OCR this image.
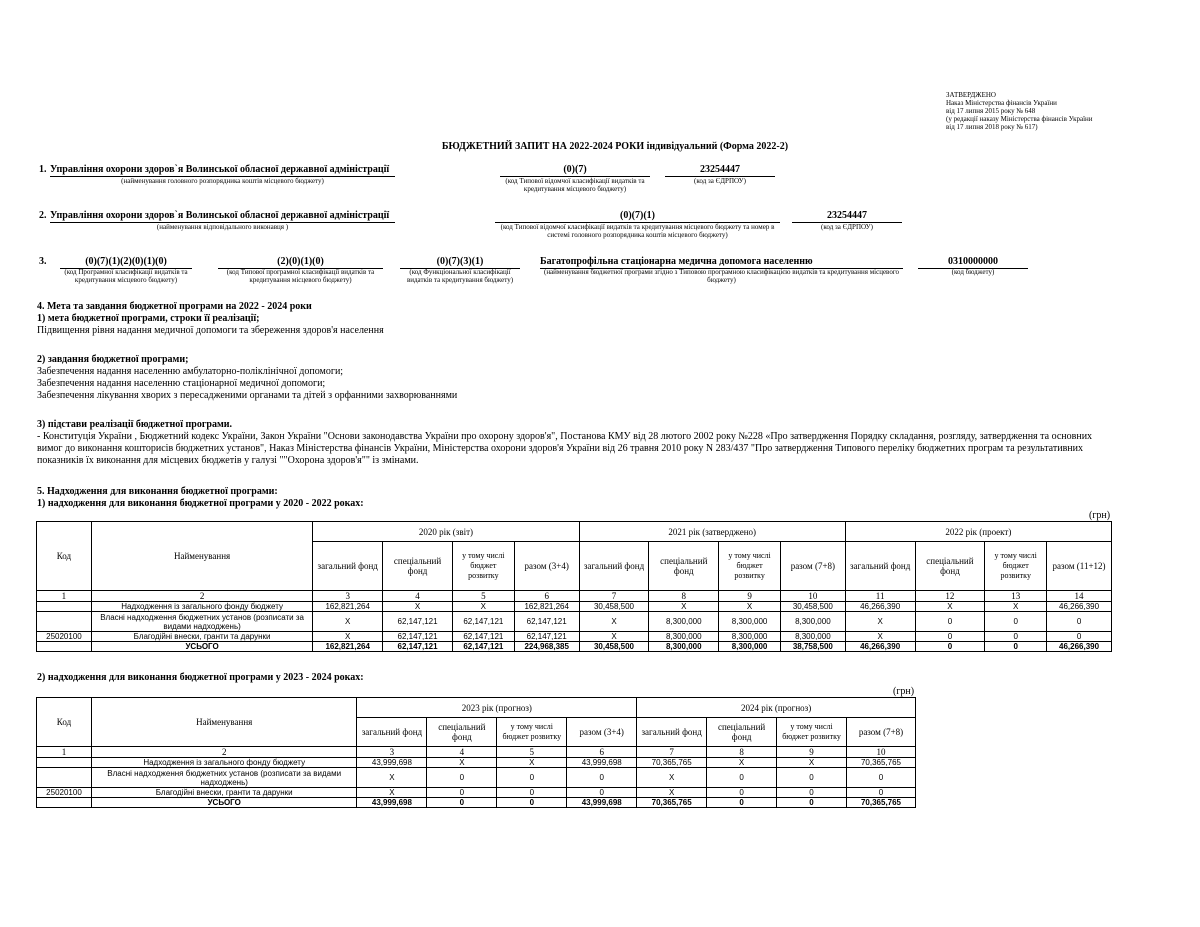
ЗАТВЕРДЖЕНО
Наказ Міністерства фінансів України
від 17 липня 2015 року № 648
(у редакції наказу Міністерства фінансів України
від 17 липня 2018 року № 617)
БЮДЖЕТНИЙ ЗАПИТ НА 2022-2024 РОКИ індивідуальний (Форма 2022-2)
1. Управління охорони здоров`я Волинської обласної державної адміністрації
(найменування головного розпорядника коштів місцевого бюджету)
(0)(7)
(код Типової відомчої класифікації видатків та кредитування місцевого бюджету)
23254447
(код за ЄДРПОУ)
2. Управління охорони здоров`я Волинської обласної державної адміністрації
(найменування відповідального виконавця )
(0)(7)(1)
(код Типової відомчої класифікації видатків та кредитування місцевого бюджету та номер в системі головного розпорядника коштів місцевого бюджету)
23254447
(код за ЄДРПОУ)
3.	(0)(7)(1)(2)(0)(1)(0)
(код Програмної класифікації видатків та кредитування місцевого бюджету)
(2)(0)(1)(0)
(код Типової програмної класифікації видатків та кредитування місцевого бюджету)
(0)(7)(3)(1)
(код Функціональної класифікації видатків та кредитування бюджету)
Багатопрофільна стаціонарна медична допомога населенню
(найменування бюджетної програми згідно з Типовою програмною класифікацією видатків та кредитування місцевого бюджету)
0310000000
(код бюджету)
4. Мета та завдання бюджетної програми на 2022 - 2024 роки
1) мета бюджетної програми, строки її реалізації;
Підвищення рівня надання медичної допомоги та збереження здоров'я населення
2) завдання бюджетної програми;
Забезпечення надання населенню амбулаторно-поліклінічної допомоги;
Забезпечення надання населенню стаціонарної медичної допомоги;
Забезпечення лікування хворих з пересадженими органами та дітей з орфанними захворюваннями
3) підстави реалізації бюджетної програми.
- Конституція України , Бюджетний кодекс України, Закон України "Основи законодавства України про охорону здоров'я", Постанова КМУ від 28 лютого 2002 року №228 «Про затвердження Порядку складання, розгляду, затвердження та основних вимог до виконання кошторисів бюджетних установ", Наказ Міністерства фінансів України, Міністерства охорони здоров'я України від 26 травня 2010 року N 283/437 "Про затвердження Типового переліку бюджетних програм та результативних показників їх виконання для місцевих бюджетів у галузі ""Охорона здоров'я"" із змінами.
5. Надходження для виконання бюджетної програми:
1) надходження для виконання бюджетної програми у 2020 - 2022 роках:
(грн)
Код	Найменування	2020 рік (звіт)				2021 рік (затверджено)				2022 рік (проект)			
		загальний фонд	спеціальний фонд	у тому числі бюджет розвитку	разом (3+4)	загальний фонд	спеціальний фонд	у тому числі бюджет розвитку	разом (7+8)	загальний фонд	спеціальний фонд	у тому числі бюджет розвитку	разом (11+12)
1	2	3	4	5	6	7	8	9	10	11	12	13	14
	Надходження із загального фонду бюджету	162,821,264	X	X	162,821,264	30,458,500	X	X	30,458,500	46,266,390	X	X	46,266,390
	Власні надходження бюджетних установ (розписати за видами надходжень)	X	62,147,121	62,147,121	62,147,121	X	8,300,000	8,300,000	8,300,000	X	0	0	0
25020100	Благодійні внески, гранти та дарунки	X	62,147,121	62,147,121	62,147,121	X	8,300,000	8,300,000	8,300,000	X	0	0	0
	УСЬОГО	162,821,264	62,147,121	62,147,121	224,968,385	30,458,500	8,300,000	8,300,000	38,758,500	46,266,390	0	0	46,266,390
2) надходження для виконання бюджетної програми у 2023 - 2024 роках:
(грн)
Код	Найменування	2023 рік (прогноз)				2024 рік (прогноз)			
		загальний фонд	спеціальний фонд	у тому числі бюджет розвитку	разом (3+4)	загальний фонд	спеціальний фонд	у тому числі бюджет розвитку	разом (7+8)
1	2	3	4	5	6	7	8	9	10
	Надходження із загального фонду бюджету	43,999,698	X	X	43,999,698	70,365,765	X	X	70,365,765
	Власні надходження бюджетних установ (розписати за видами надходжень)	X	0	0	0	X	0	0	0
25020100	Благодійні внески, гранти та дарунки	X	0	0	0	X	0	0	0
	УСЬОГО	43,999,698	0	0	43,999,698	70,365,765	0	0	70,365,765
